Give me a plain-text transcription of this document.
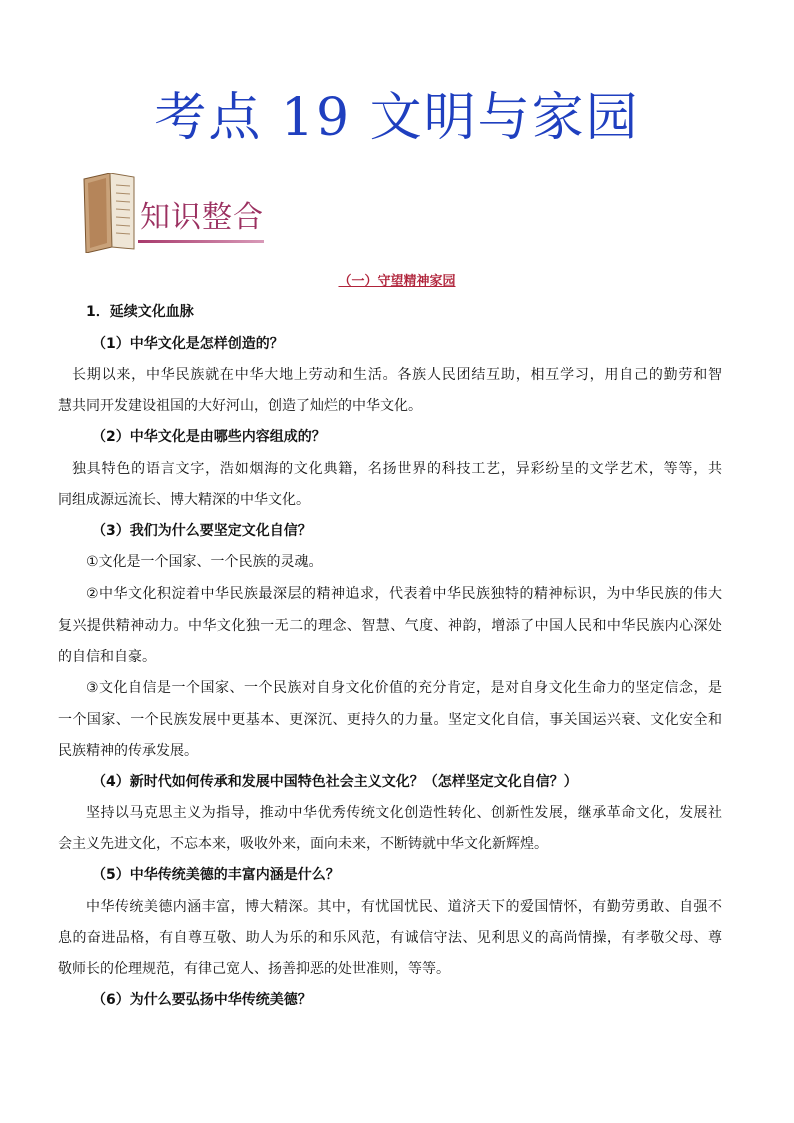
考点 19 文明与家园
知识整合
（一）守望精神家园
1．延续文化血脉
（1）中华文化是怎样创造的？
长期以来，中华民族就在中华大地上劳动和生活。各族人民团结互助，相互学习，用自己的勤劳和智
慧共同开发建设祖国的大好河山，创造了灿烂的中华文化。
（2）中华文化是由哪些内容组成的？
独具特色的语言文字，浩如烟海的文化典籍，名扬世界的科技工艺，异彩纷呈的文学艺术，等等，共
同组成源远流长、博大精深的中华文化。
（3）我们为什么要坚定文化自信？
①文化是一个国家、一个民族的灵魂。
②中华文化积淀着中华民族最深层的精神追求，代表着中华民族独特的精神标识，为中华民族的伟大
复兴提供精神动力。中华文化独一无二的理念、智慧、气度、神韵，增添了中国人民和中华民族内心深处
的自信和自豪。
③文化自信是一个国家、一个民族对自身文化价值的充分肯定，是对自身文化生命力的坚定信念，是
一个国家、一个民族发展中更基本、更深沉、更持久的力量。坚定文化自信，事关国运兴衰、文化安全和
民族精神的传承发展。
（4）新时代如何传承和发展中国特色社会主义文化？（怎样坚定文化自信？）
坚持以马克思主义为指导，推动中华优秀传统文化创造性转化、创新性发展，继承革命文化，发展社
会主义先进文化，不忘本来，吸收外来，面向未来，不断铸就中华文化新辉煌。
（5）中华传统美德的丰富内涵是什么？
中华传统美德内涵丰富，博大精深。其中，有忧国忧民、道济天下的爱国情怀，有勤劳勇敢、自强不
息的奋进品格，有自尊互敬、助人为乐的和乐风范，有诚信守法、见利思义的高尚情操，有孝敬父母、尊
敬师长的伦理规范，有律己宽人、扬善抑恶的处世准则，等等。
（6）为什么要弘扬中华传统美德？
